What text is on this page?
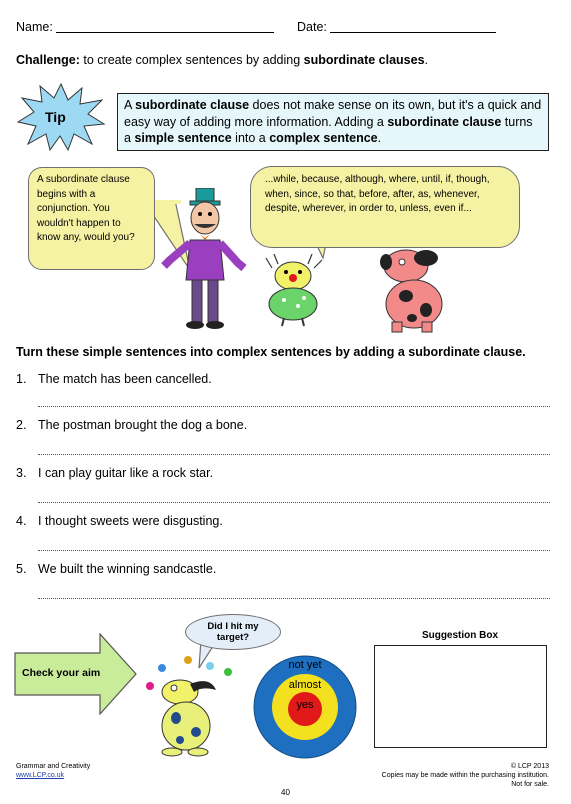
Name:	Date:
Challenge: to create complex sentences by adding subordinate clauses.
Tip
A subordinate clause does not make sense on its own, but it's a quick and easy way of adding more information. Adding a subordinate clause turns a simple sentence into a complex sentence.
A subordinate clause begins with a conjunction. You wouldn't happen to know any, would you?
...while, because, although, where, until, if, though, when, since, so that, before, after, as, whenever, despite, wherever, in order to, unless, even if...
Turn these simple sentences into complex sentences by adding a subordinate clause.
1. The match has been cancelled.
2. The postman brought the dog a bone.
3. I can play guitar like a rock star.
4. I thought sweets were disgusting.
5. We built the winning sandcastle.
Check your aim
Did I hit my target?
not yet
almost
yes
Suggestion Box
Grammar and Creativity
www.LCP.co.uk
© LCP 2013
Copies may be made within the purchasing institution.
Not for sale.
40
